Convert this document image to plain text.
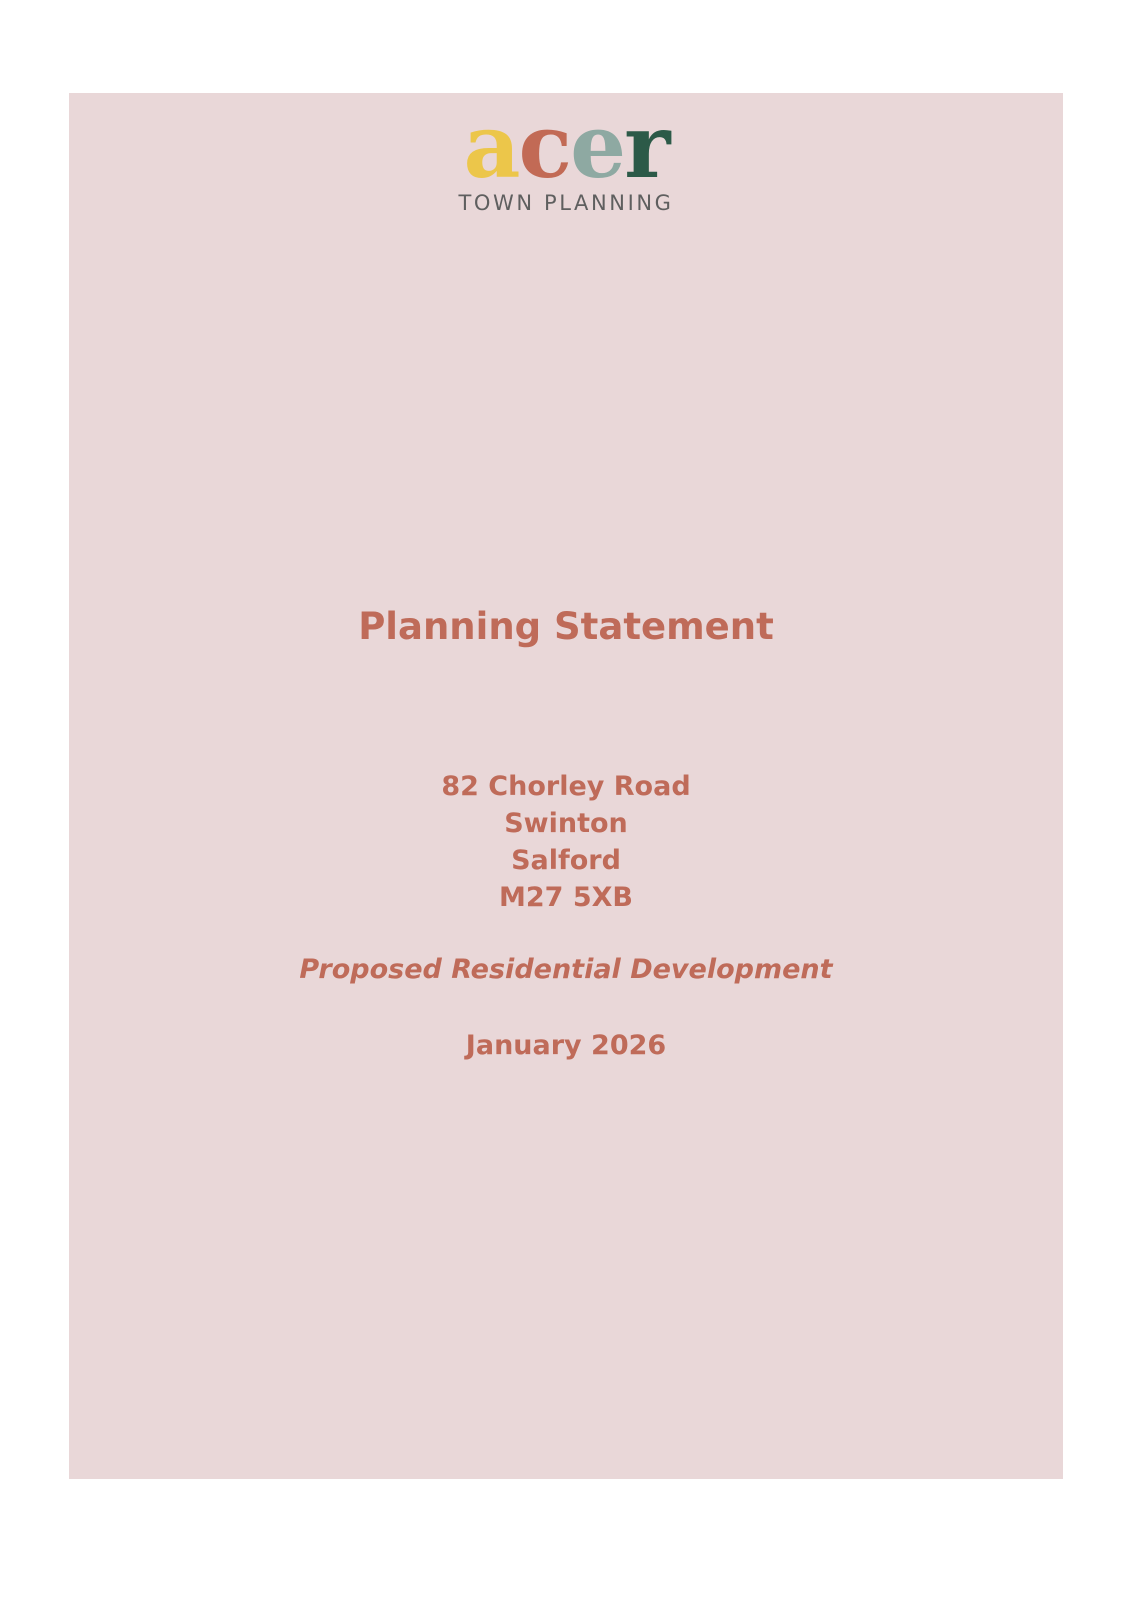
acer
TOWN PLANNING
Planning Statement
82 Chorley Road
Swinton
Salford
M27 5XB
Proposed Residential Development
January 2026
